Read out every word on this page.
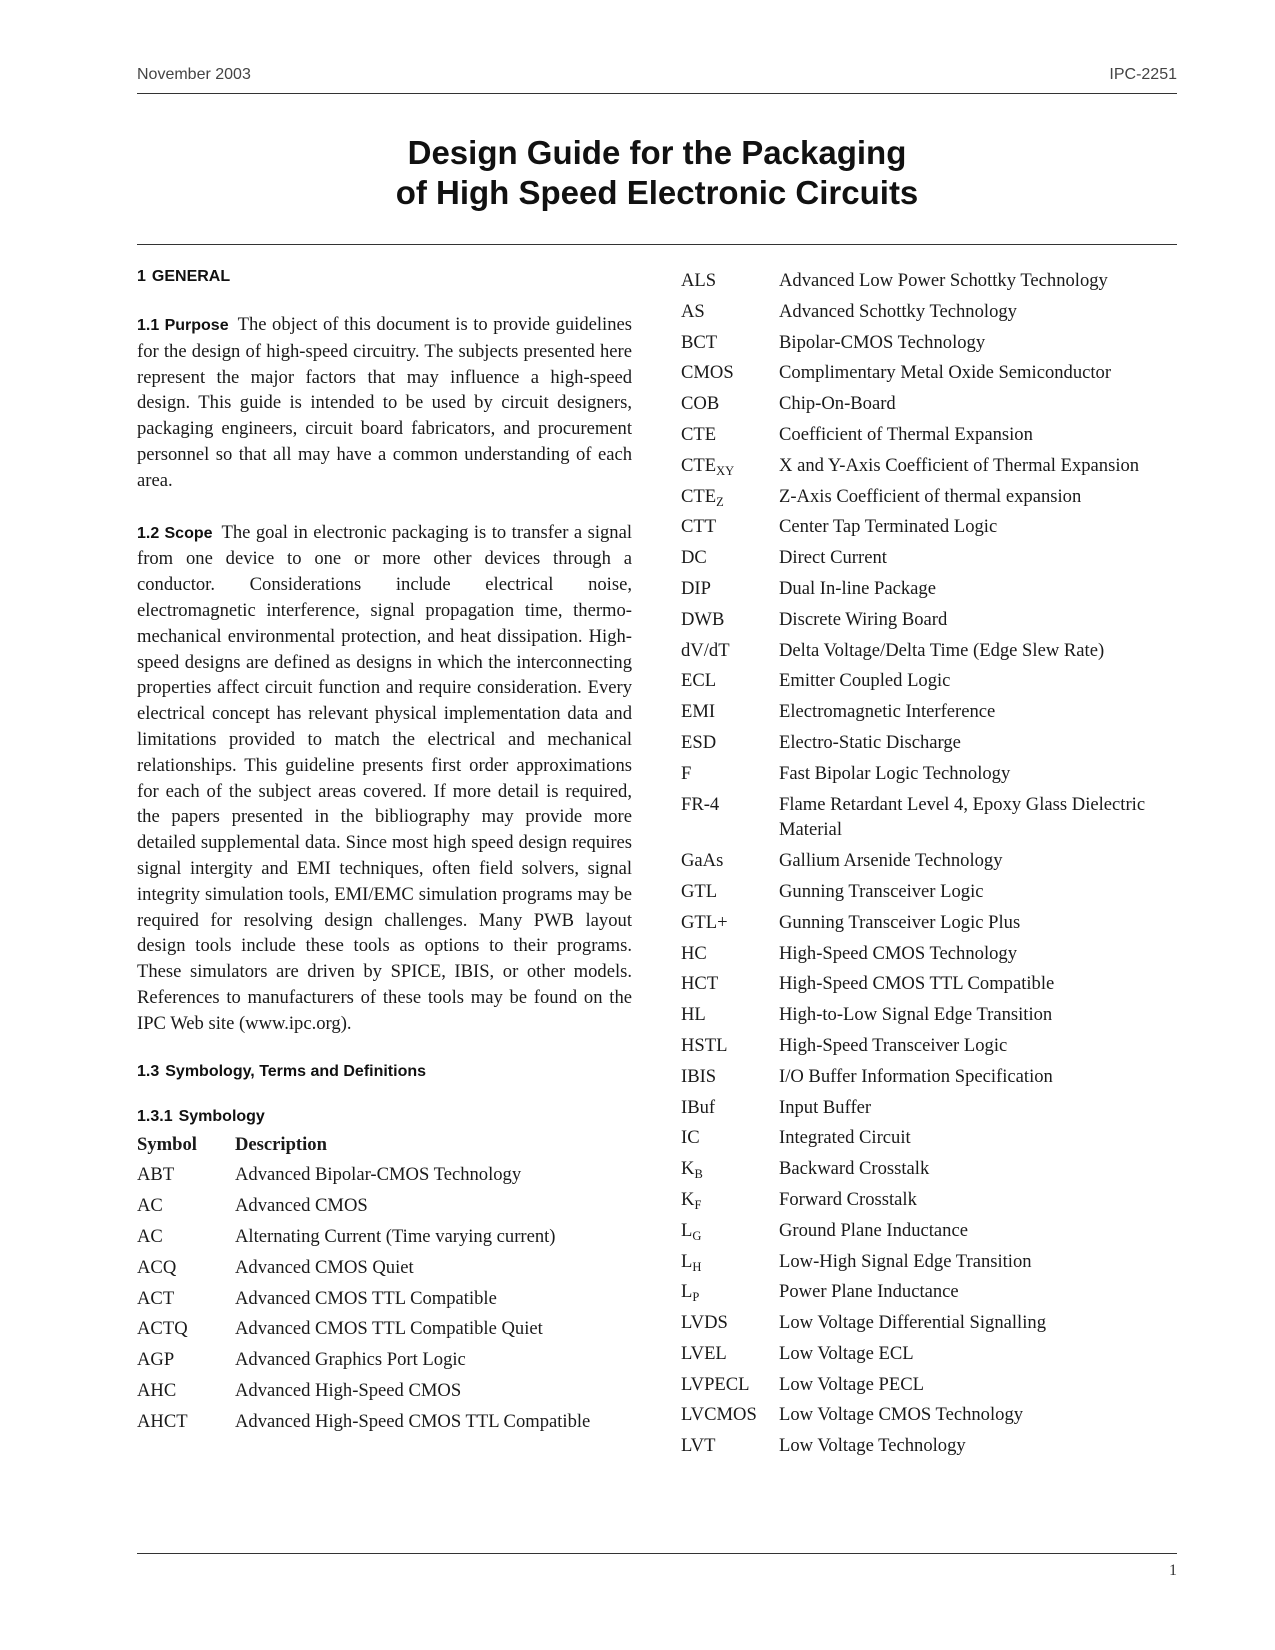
November 2003	IPC-2251
Design Guide for the Packaging
of High Speed Electronic Circuits
1 GENERAL
1.1 Purpose The object of this document is to provide guidelines for the design of high-speed circuitry. The subjects presented here represent the major factors that may influence a high-speed design. This guide is intended to be used by circuit designers, packaging engineers, circuit board fabricators, and procurement personnel so that all may have a common understanding of each area.
1.2 Scope The goal in electronic packaging is to transfer a signal from one device to one or more other devices through a conductor. Considerations include electrical noise, electromagnetic interference, signal propagation time, thermo-mechanical environmental protection, and heat dissipation. High-speed designs are defined as designs in which the interconnecting properties affect circuit function and require consideration. Every electrical concept has relevant physical implementation data and limitations provided to match the electrical and mechanical relationships. This guideline presents first order approximations for each of the subject areas covered. If more detail is required, the papers presented in the bibliography may provide more detailed supplemental data. Since most high speed design requires signal intergity and EMI techniques, often field solvers, signal integrity simulation tools, EMI/EMC simulation programs may be required for resolving design challenges. Many PWB layout design tools include these tools as options to their programs. These simulators are driven by SPICE, IBIS, or other models. References to manufacturers of these tools may be found on the IPC Web site (www.ipc.org).
1.3 Symbology, Terms and Definitions
1.3.1 Symbology
Symbol Description
ABT	Advanced Bipolar-CMOS Technology
AC	Advanced CMOS
AC	Alternating Current (Time varying current)
ACQ	Advanced CMOS Quiet
ACT	Advanced CMOS TTL Compatible
ACTQ	Advanced CMOS TTL Compatible Quiet
AGP	Advanced Graphics Port Logic
AHC	Advanced High-Speed CMOS
AHCT	Advanced High-Speed CMOS TTL Compatible
ALS	Advanced Low Power Schottky Technology
AS	Advanced Schottky Technology
BCT	Bipolar-CMOS Technology
CMOS Complimentary Metal Oxide Semiconductor
COB	Chip-On-Board
CTE	Coefficient of Thermal Expansion
$CTE_{XY}$ X and Y-Axis Coefficient of Thermal Expansion
$CTE_Z$	Z-Axis Coefficient of thermal expansion
CTT	Center Tap Terminated Logic
DC	Direct Current
DIP	Dual In-line Package
DWB	Discrete Wiring Board
dV/dT	Delta Voltage/Delta Time (Edge Slew Rate)
ECL	Emitter Coupled Logic
EMI	Electromagnetic Interference
ESD	Electro-Static Discharge
F	Fast Bipolar Logic Technology
FR-4	Flame Retardant Level 4, Epoxy Glass Dielectric Material
GaAs	Gallium Arsenide Technology
GTL	Gunning Transceiver Logic
GTL+	Gunning Transceiver Logic Plus
HC	High-Speed CMOS Technology
HCT	High-Speed CMOS TTL Compatible
HL	High-to-Low Signal Edge Transition
HSTL	High-Speed Transceiver Logic
IBIS	I/O Buffer Information Specification
IBuf	Input Buffer
IC	Integrated Circuit
$K_B$	Backward Crosstalk
$K_F$	Forward Crosstalk
$L_G$	Ground Plane Inductance
$L_H$	Low-High Signal Edge Transition
$L_P$	Power Plane Inductance
LVDS	Low Voltage Differential Signalling
LVEL	Low Voltage ECL
LVPECL Low Voltage PECL
LVCMOS Low Voltage CMOS Technology
LVT	Low Voltage Technology
1
